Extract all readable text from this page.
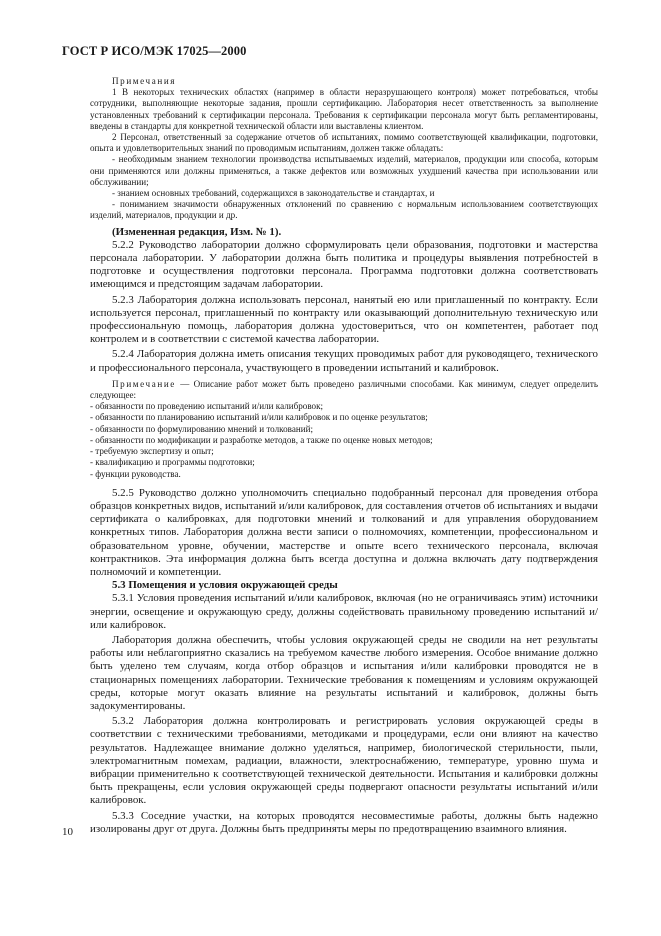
ГОСТ Р ИСО/МЭК 17025—2000

Примечания

1 В некоторых технических областях (например в области неразрушающего контроля) может потребоваться, чтобы сотрудники, выполняющие некоторые задания, прошли сертификацию. Лаборатория несет ответственность за выполнение установленных требований к сертификации персонала. Требования к сертификации персонала могут быть регламентированы, введены в стандарты для конкретной технической области или выставлены клиентом.

2 Персонал, ответственный за содержание отчетов об испытаниях, помимо соответствующей квалификации, подготовки, опыта и удовлетворительных знаний по проводимым испытаниям, должен также обладать:

- необходимым знанием технологии производства испытываемых изделий, материалов, продукции или способа, которым они применяются или должны применяться, а также дефектов или возможных ухудшений качества при использовании или обслуживании;

- знанием основных требований, содержащихся в законодательстве и стандартах, и

- пониманием значимости обнаруженных отклонений по сравнению с нормальным использованием соответствующих изделий, материалов, продукции и др.

(Измененная редакция, Изм. № 1).

5.2.2 Руководство лаборатории должно сформулировать цели образования, подготовки и мастерства персонала лаборатории. У лаборатории должна быть политика и процедуры выявления потребностей в подготовке и осуществления подготовки персонала. Программа подготовки должна соответствовать имеющимся и предстоящим задачам лаборатории.

5.2.3 Лаборатория должна использовать персонал, нанятый ею или приглашенный по контракту. Если используется персонал, приглашенный по контракту или оказывающий дополнительную техническую или профессиональную помощь, лаборатория должна удостовериться, что он компетентен, работает под контролем и в соответствии с системой качества лаборатории.

5.2.4 Лаборатория должна иметь описания текущих проводимых работ для руководящего, технического и профессионального персонала, участвующего в проведении испытаний и калибровок.

Примечание — Описание работ может быть проведено различными способами. Как минимум, следует определить следующее:

- обязанности по проведению испытаний и/или калибровок;

- обязанности по планированию испытаний и/или калибровок и по оценке результатов;

- обязанности по формулированию мнений и толкований;

- обязанности по модификации и разработке методов, а также по оценке новых методов;

- требуемую экспертизу и опыт;

- квалификацию и программы подготовки;

- функции руководства.

5.2.5 Руководство должно уполномочить специально подобранный персонал для проведения отбора образцов конкретных видов, испытаний и/или калибровок, для составления отчетов об испытаниях и выдачи сертификата о калибровках, для подготовки мнений и толкований и для управления оборудованием конкретных типов. Лаборатория должна вести записи о полномочиях, компетенции, профессиональном и образовательном уровне, обучении, мастерстве и опыте всего технического персонала, включая контрактников. Эта информация должна быть всегда доступна и должна включать дату подтверждения полномочий и компетенции.

5.3 Помещения и условия окружающей среды

5.3.1 Условия проведения испытаний и/или калибровок, включая (но не ограничиваясь этим) источники энергии, освещение и окружающую среду, должны содействовать правильному проведению испытаний и/или калибровок.

Лаборатория должна обеспечить, чтобы условия окружающей среды не сводили на нет результаты работы или неблагоприятно сказались на требуемом качестве любого измерения. Особое внимание должно быть уделено тем случаям, когда отбор образцов и испытания и/или калибровки проводятся не в стационарных помещениях лаборатории. Технические требования к помещениям и условиям окружающей среды, которые могут оказать влияние на результаты испытаний и калибровок, должны быть задокументированы.

5.3.2 Лаборатория должна контролировать и регистрировать условия окружающей среды в соответствии с техническими требованиями, методиками и процедурами, если они влияют на качество результатов. Надлежащее внимание должно уделяться, например, биологической стерильности, пыли, электромагнитным помехам, радиации, влажности, электроснабжению, температуре, уровню шума и вибрации применительно к соответствующей технической деятельности. Испытания и калибровки должны быть прекращены, если условия окружающей среды подвергают опасности результаты испытаний и/или калибровок.

5.3.3 Соседние участки, на которых проводятся несовместимые работы, должны быть надежно изолированы друг от друга. Должны быть предприняты меры по предотвращению взаимного влияния.

10
